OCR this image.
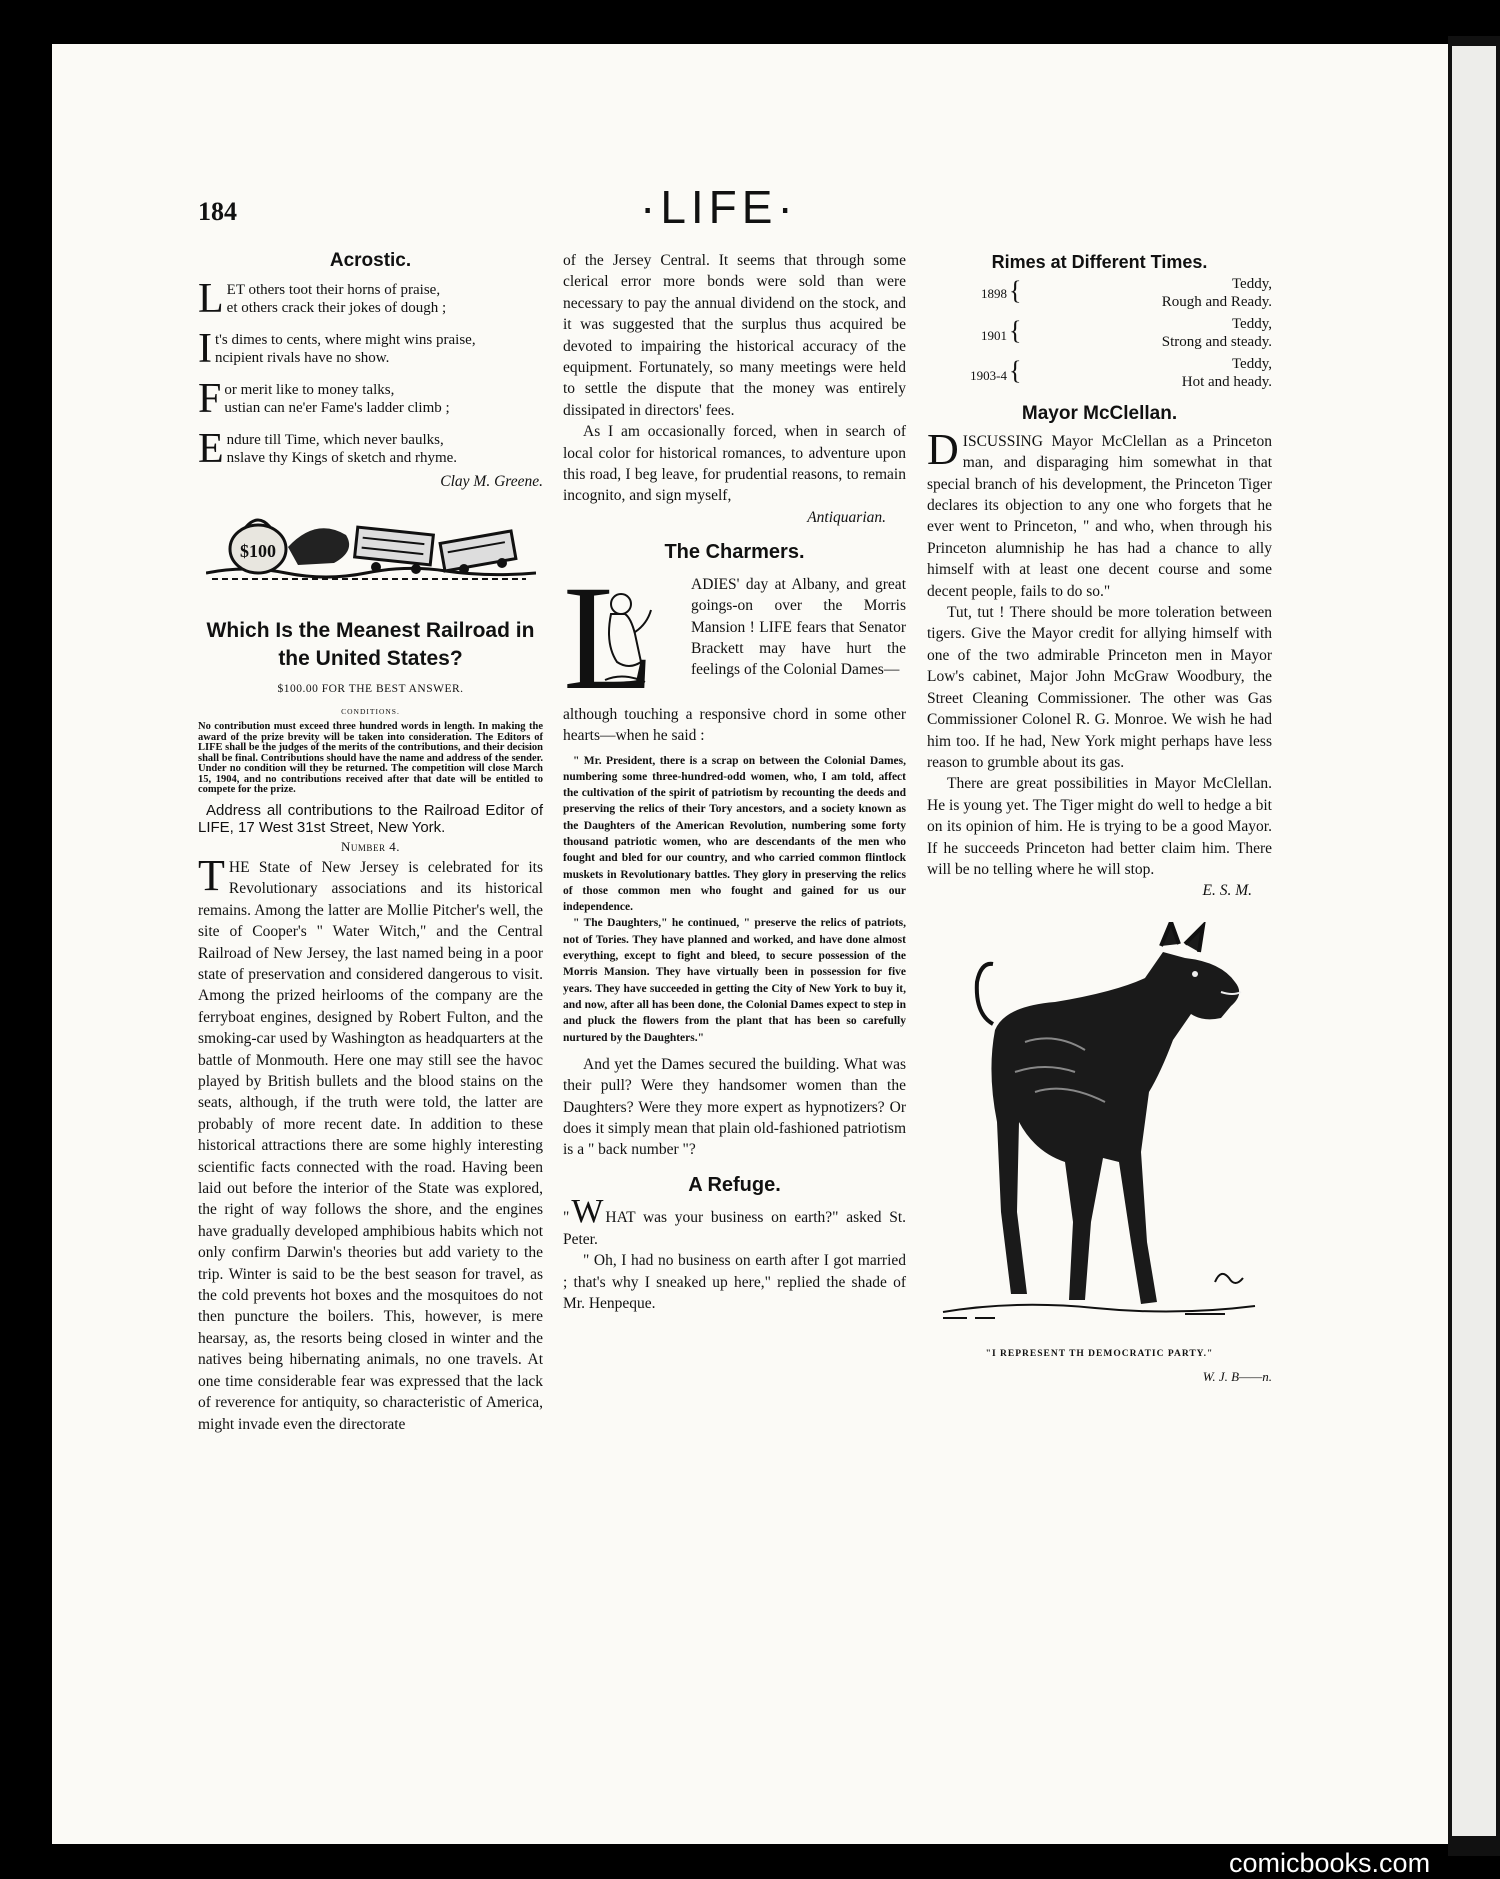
184	·LIFE·
Acrostic.
L ET others toot their horns of praise,
et others crack their jokes of dough ;
I t's dimes to cents, where might wins praise,
ncipient rivals have no show.
F or merit like to money talks,
ustian can ne'er Fame's ladder climb ;
E ndure till Time, which never baulks,
nslave thy Kings of sketch and rhyme.

Clay M. Greene.

$100
Which Is the Meanest Railroad in the United States?

$100.00 FOR THE BEST ANSWER.

CONDITIONS.

No contribution must exceed three hundred words in length. In making the award of the prize brevity will be taken into consideration. The Editors of LIFE shall be the judges of the merits of the contributions, and their decision shall be final. Contributions should have the name and address of the sender. Under no condition will they be returned. The competition will close March 15, 1904, and no contributions received after that date will be entitled to compete for the prize.

Address all contributions to the Railroad Editor of LIFE, 17 West 31st Street, New York.

Number 4.

THE State of New Jersey is celebrated for its Revolutionary associations and its historical remains. Among the latter are Mollie Pitcher's well, the site of Cooper's " Water Witch," and the Central Railroad of New Jersey, the last named being in a poor state of preservation and considered dangerous to visit. Among the prized heirlooms of the company are the ferryboat engines, designed by Robert Fulton, and the smoking-car used by Washington as headquarters at the battle of Monmouth. Here one may still see the havoc played by British bullets and the blood stains on the seats, although, if the truth were told, the latter are probably of more recent date. In addition to these historical attractions there are some highly interesting scientific facts connected with the road. Having been laid out before the interior of the State was explored, the right of way follows the shore, and the engines have gradually developed amphibious habits which not only confirm Darwin's theories but add variety to the trip. Winter is said to be the best season for travel, as the cold prevents hot boxes and the mosquitoes do not then puncture the boilers. This, however, is mere hearsay, as, the resorts being closed in winter and the natives being hibernating animals, no one travels. At one time considerable fear was expressed that the lack of reverence for antiquity, so characteristic of America, might invade even the directorate

of the Jersey Central. It seems that through some clerical error more bonds were sold than were necessary to pay the annual dividend on the stock, and it was suggested that the surplus thus acquired be devoted to impairing the historical accuracy of the equipment. Fortunately, so many meetings were held to settle the dispute that the money was entirely dissipated in directors' fees.

As I am occasionally forced, when in search of local color for historical romances, to adventure upon this road, I beg leave, for prudential reasons, to remain incognito, and sign myself,

Antiquarian.

The Charmers.
L ADIES' day at Albany, and great goings-on over the Morris Mansion ! LIFE fears that Senator Brackett may have hurt the feelings of the Colonial Dames—

although touching a responsive chord in some other hearts—when he said :

" Mr. President, there is a scrap on between the Colonial Dames, numbering some three-hundred-odd women, who, I am told, affect the cultivation of the spirit of patriotism by recounting the deeds and preserving the relics of their Tory ancestors, and a society known as the Daughters of the American Revolution, numbering some forty thousand patriotic women, who are descendants of the men who fought and bled for our country, and who carried common flintlock muskets in Revolutionary battles. They glory in preserving the relics of those common men who fought and gained for us our independence.

" The Daughters," he continued, " preserve the relics of patriots, not of Tories. They have planned and worked, and have done almost everything, except to fight and bleed, to secure possession of the Morris Mansion. They have virtually been in possession for five years. They have succeeded in getting the City of New York to buy it, and now, after all has been done, the Colonial Dames expect to step in and pluck the flowers from the plant that has been so carefully nurtured by the Daughters."

And yet the Dames secured the building. What was their pull? Were they handsomer women than the Daughters? Were they more expert as hypnotizers? Or does it simply mean that plain old-fashioned patriotism is a " back number "?

A Refuge.

"W HAT was your business on earth?" asked St. Peter.

" Oh, I had no business on earth after I got married ; that's why I sneaked up here," replied the shade of Mr. Henpeque.

Rimes at Different Times.
1898 {	Teddy,
Rough and Ready.
1901 {	Teddy,
Strong and steady.
1903-4 {	Teddy,
Hot and heady.
Mayor McClellan.

DISCUSSING Mayor McClellan as a Princeton man, and disparaging him somewhat in that special branch of his development, the Princeton Tiger declares its objection to any one who forgets that he ever went to Princeton, " and who, when through his Princeton alumniship he has had a chance to ally himself with at least one decent course and some decent people, fails to do so."

Tut, tut ! There should be more toleration between tigers. Give the Mayor credit for allying himself with one of the two admirable Princeton men in Mayor Low's cabinet, Major John McGraw Woodbury, the Street Cleaning Commissioner. The other was Gas Commissioner Colonel R. G. Monroe. We wish he had him too. If he had, New York might perhaps have less reason to grumble about its gas.

There are great possibilities in Mayor McClellan. He is young yet. The Tiger might do well to hedge a bit on its opinion of him. He is trying to be a good Mayor. If he succeeds Princeton had better claim him. There will be no telling where he will stop.

E. S. M.

"I REPRESENT TH DEMOCRATIC PARTY."

W. J. B——n.

comicbooks.com
